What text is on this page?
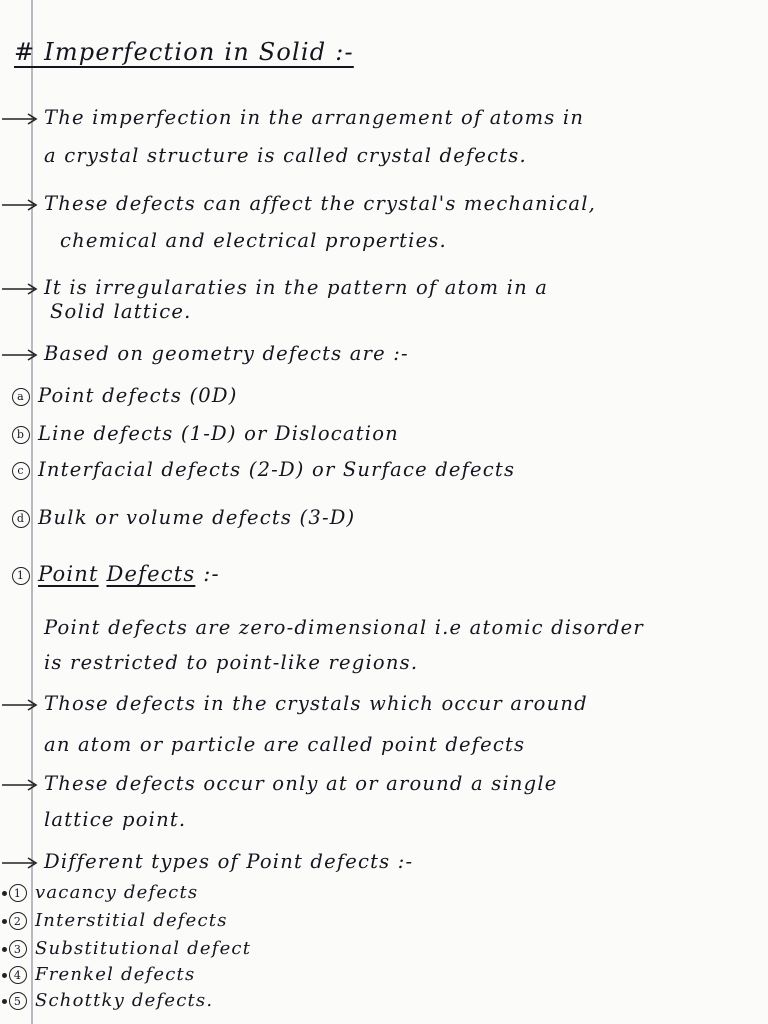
# Imperfection in Solid :-
The imperfection in the arrangement of atoms in
a crystal structure is called crystal defects.
These defects can affect the crystal's mechanical,
chemical and electrical properties.
It is irregularaties in the pattern of atom in a
Solid lattice.
Based on geometry defects are :-
a Point defects (0D)
b Line defects (1-D) or Dislocation
c Interfacial defects (2-D) or Surface defects
d Bulk or volume defects (3-D)
1 Point Defects :-
Point defects are zero-dimensional i.e atomic disorder
is restricted to point-like regions.
Those defects in the crystals which occur around
an atom or particle are called point defects
These defects occur only at or around a single
lattice point.
Different types of Point defects :-
1 vacancy defects
2 Interstitial defects
3 Substitutional defect
4 Frenkel defects
5 Schottky defects.
